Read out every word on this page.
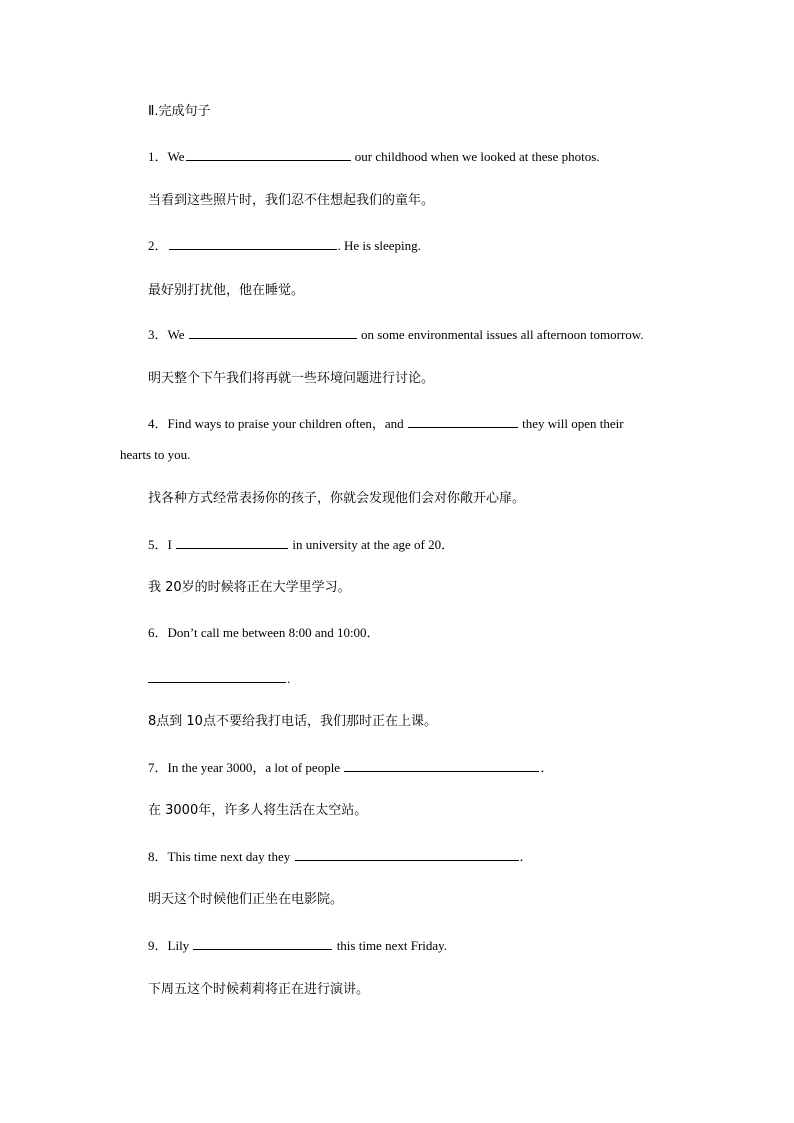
Ⅱ.完成句子
1．We	our childhood when we looked at these photos.
当看到这些照片时，我们忍不住想起我们的童年。
2．	. He is sleeping.
最好别打扰他，他在睡觉。
3．We	on some environmental issues all afternoon tomorrow.
明天整个下午我们将再就一些环境问题进行讨论。
4．Find ways to praise your children often，and	they will open their
hearts to you.
找各种方式经常表扬你的孩子，你就会发现他们会对你敞开心扉。
5．I	in university at the age of 20．
我 20岁的时候将正在大学里学习。
6．Don’t call me between 8:00 and 10:00．
.
8点到 10点不要给我打电话，我们那时正在上课。
7．In the year 3000，a lot of people	．
在 3000年，许多人将生活在太空站。
8．This time next day they	．
明天这个时候他们正坐在电影院。
9．Lily	this time next Friday.
下周五这个时候莉莉将正在进行演讲。
